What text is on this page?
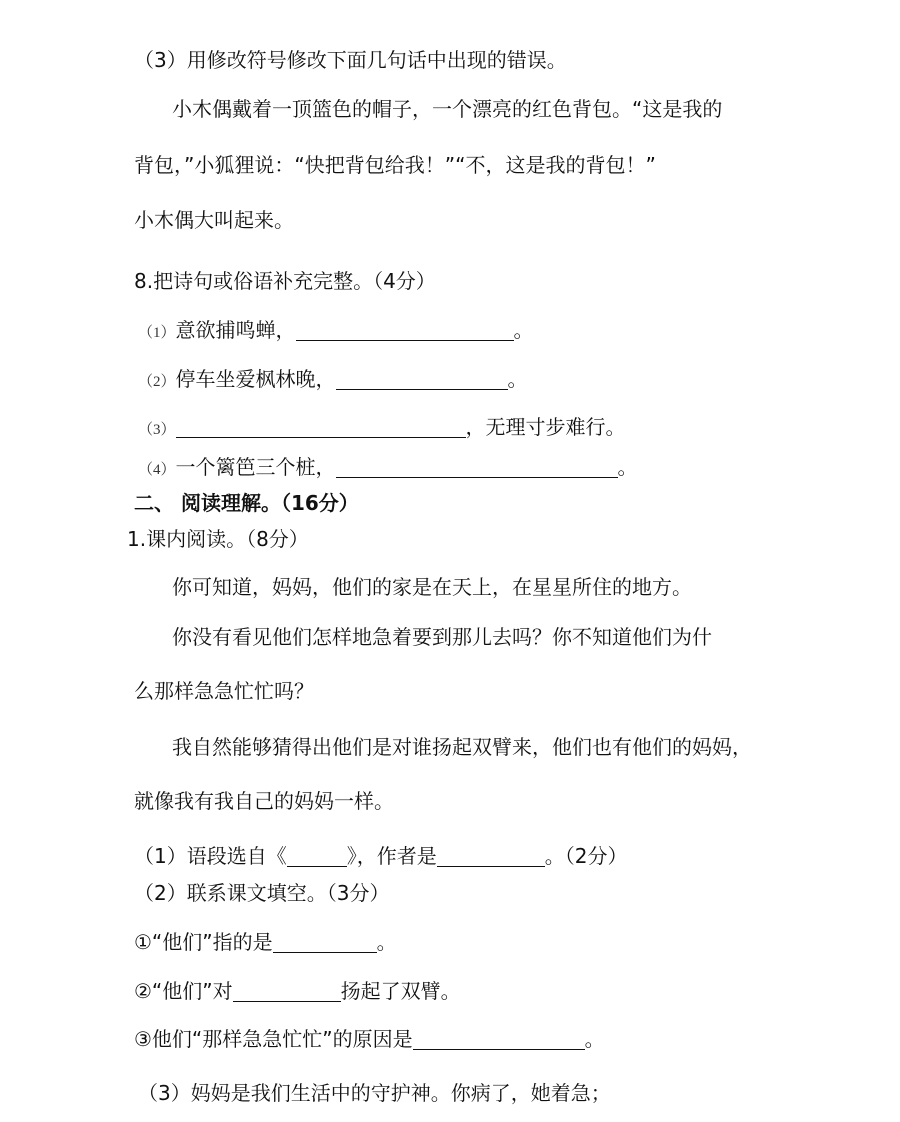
（3）用修改符号修改下面几句话中出现的错误。
小木偶戴着一顶篮色的帽子，一个漂亮的红色背包。“这是我的
背包，”小狐狸说：“快把背包给我！”“不，这是我的背包！”
小木偶大叫起来。
8.把诗句或俗语补充完整。（4分）
（1）意欲捕鸣蝉，	。
（2）停车坐爱枫林晚，	。
（3）	，无理寸步难行。
（4）一个篱笆三个桩，	。
二、 阅读理解。（16分）
1.课内阅读。（8分）
你可知道，妈妈，他们的家是在天上，在星星所住的地方。
你没有看见他们怎样地急着要到那儿去吗？你不知道他们为什
么那样急急忙忙吗？
我自然能够猜得出他们是对谁扬起双臂来，他们也有他们的妈妈，
就像我有我自己的妈妈一样。
（1）语段选自《	》，作者是	。（2分）
（2）联系课文填空。（3分）
①“他们”指的是	。
②“他们”对	扬起了双臂。
③他们“那样急急忙忙”的原因是	。
（3）妈妈是我们生活中的守护神。你病了，她着急；
